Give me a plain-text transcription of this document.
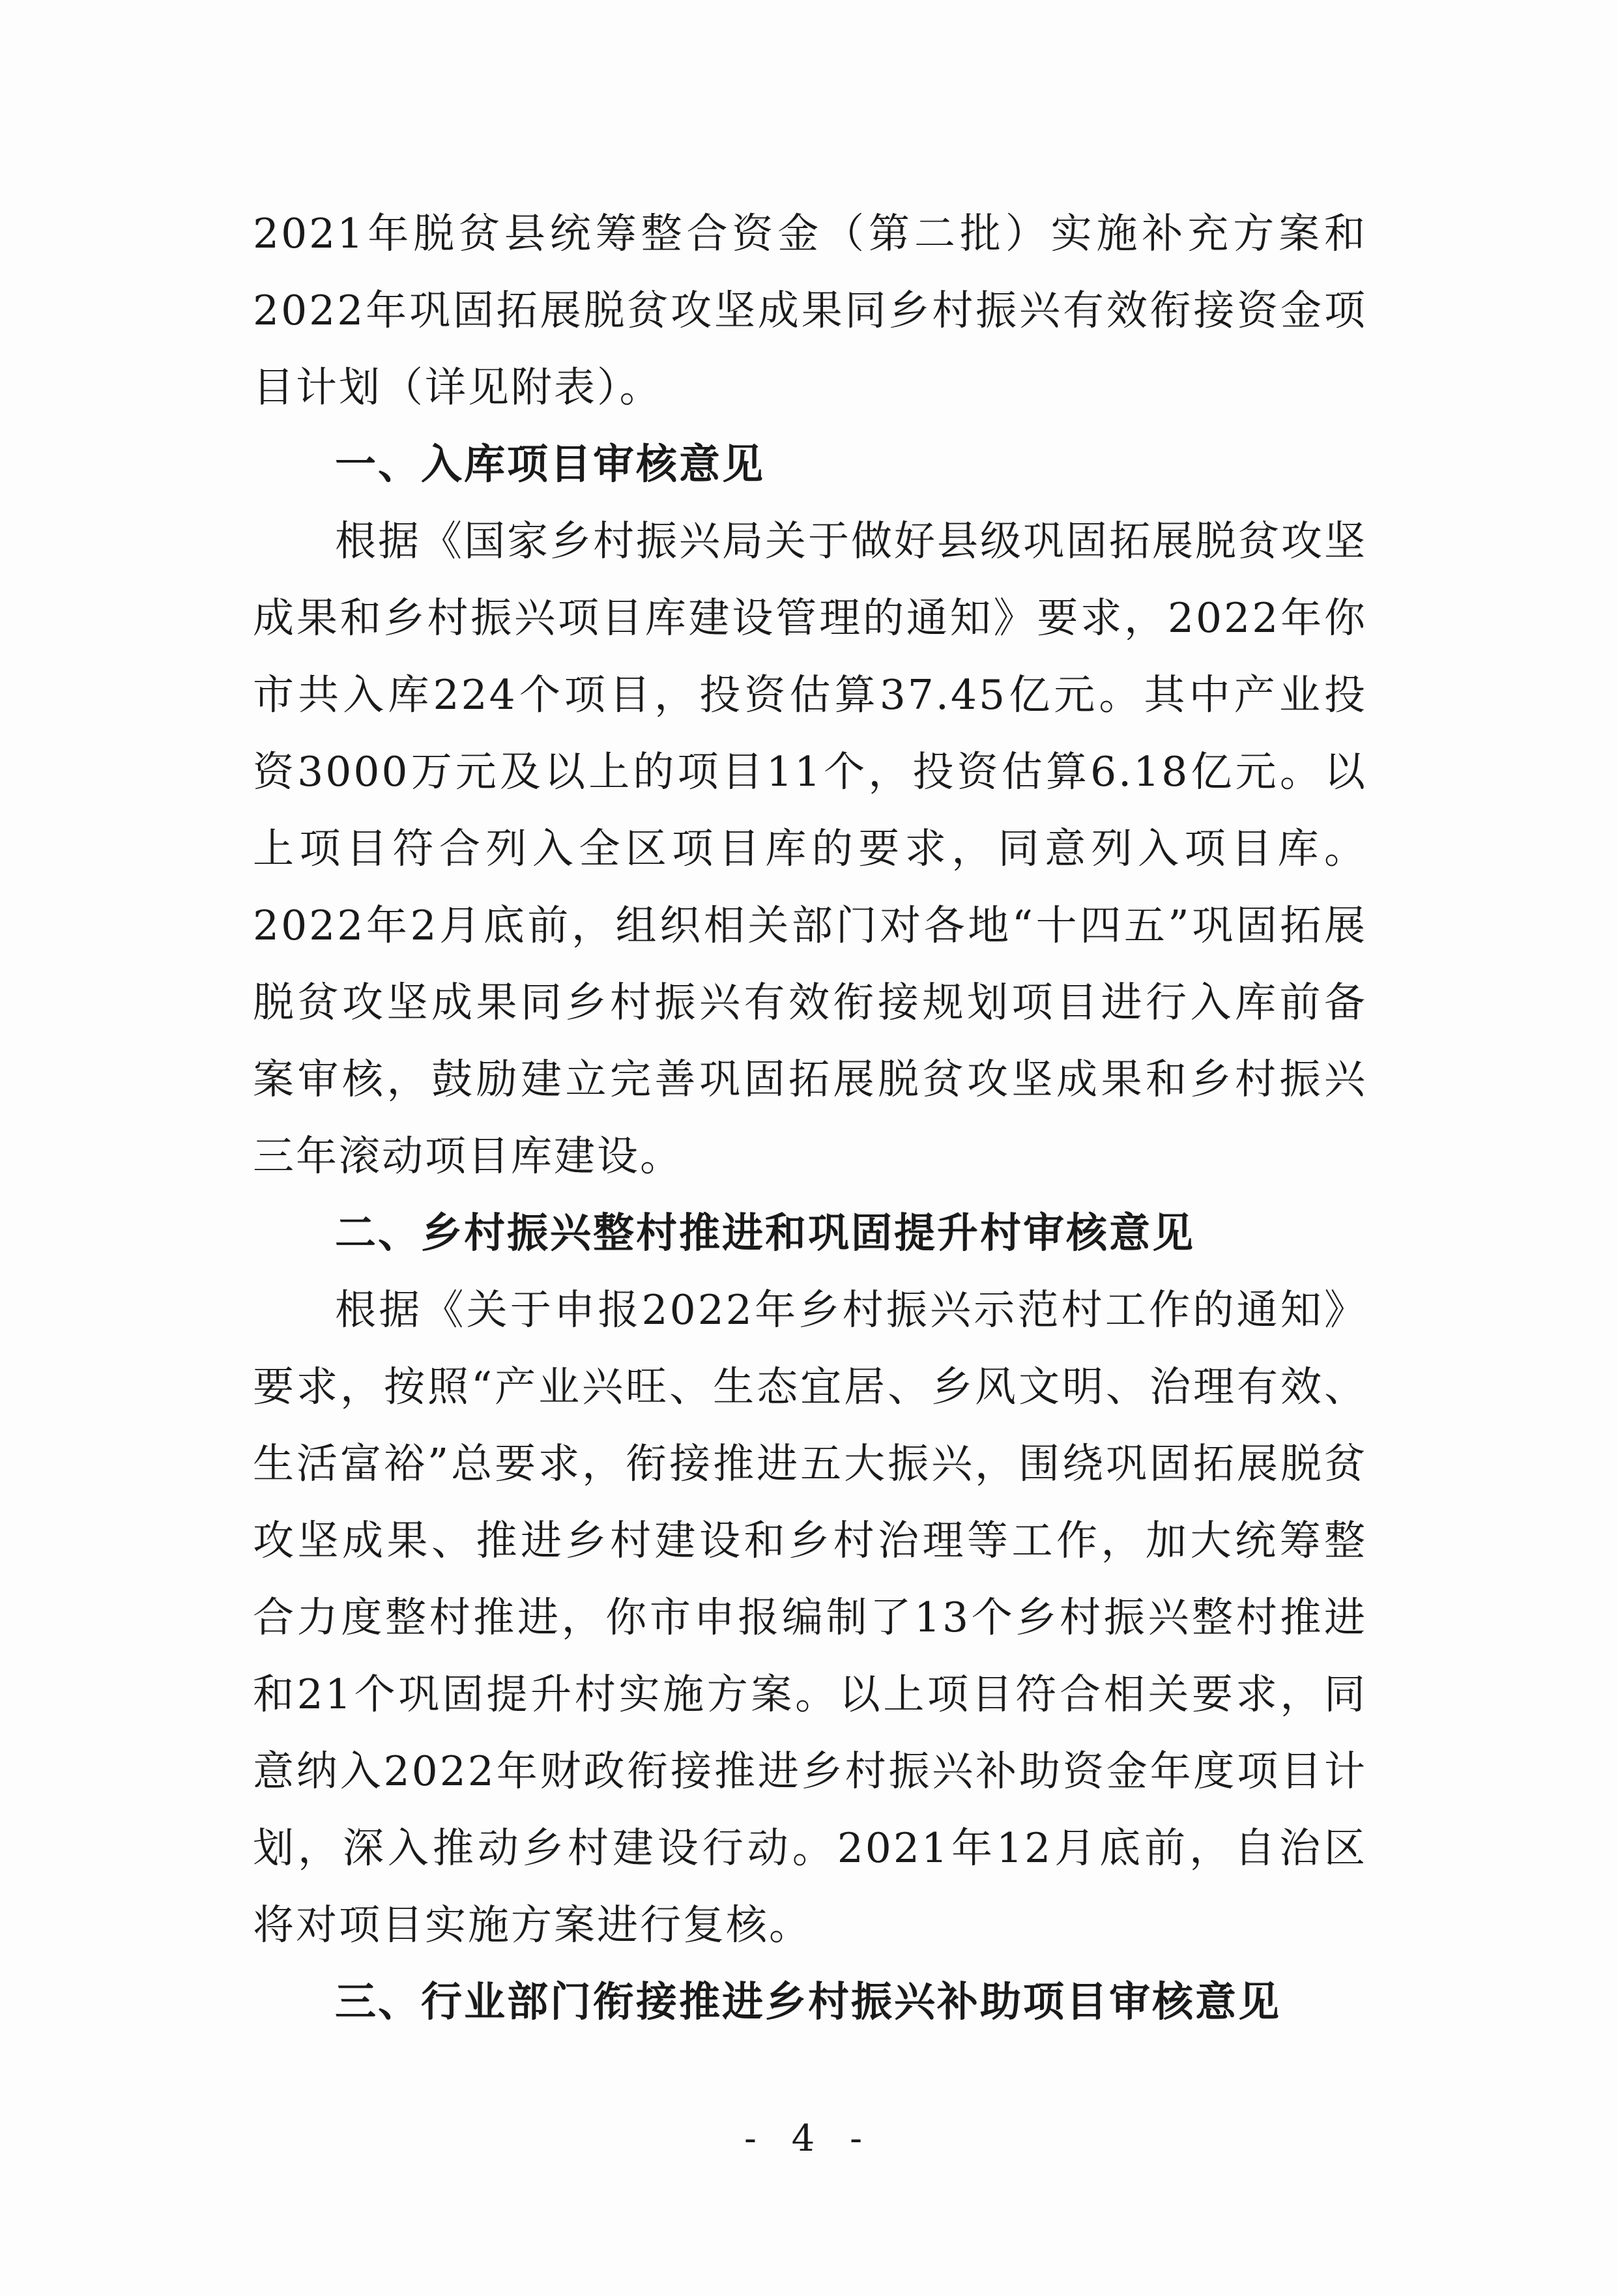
2021年脱贫县统筹整合资金（第二批）实施补充方案和2022年巩固拓展脱贫攻坚成果同乡村振兴有效衔接资金项目计划（详见附表）。

一、入库项目审核意见

根据《国家乡村振兴局关于做好县级巩固拓展脱贫攻坚成果和乡村振兴项目库建设管理的通知》要求，2022年你市共入库224个项目，投资估算37.45亿元。其中产业投资3000万元及以上的项目11个，投资估算6.18亿元。以上项目符合列入全区项目库的要求，同意列入项目库。2022年2月底前，组织相关部门对各地“十四五”巩固拓展脱贫攻坚成果同乡村振兴有效衔接规划项目进行入库前备案审核，鼓励建立完善巩固拓展脱贫攻坚成果和乡村振兴三年滚动项目库建设。

二、乡村振兴整村推进和巩固提升村审核意见

根据《关于申报2022年乡村振兴示范村工作的通知》要求，按照“产业兴旺、生态宜居、乡风文明、治理有效、生活富裕”总要求，衔接推进五大振兴，围绕巩固拓展脱贫攻坚成果、推进乡村建设和乡村治理等工作，加大统筹整合力度整村推进，你市申报编制了13个乡村振兴整村推进和21个巩固提升村实施方案。以上项目符合相关要求，同意纳入2022年财政衔接推进乡村振兴补助资金年度项目计划，深入推动乡村建设行动。2021年12月底前，自治区将对项目实施方案进行复核。

三、行业部门衔接推进乡村振兴补助项目审核意见

- 4 -
